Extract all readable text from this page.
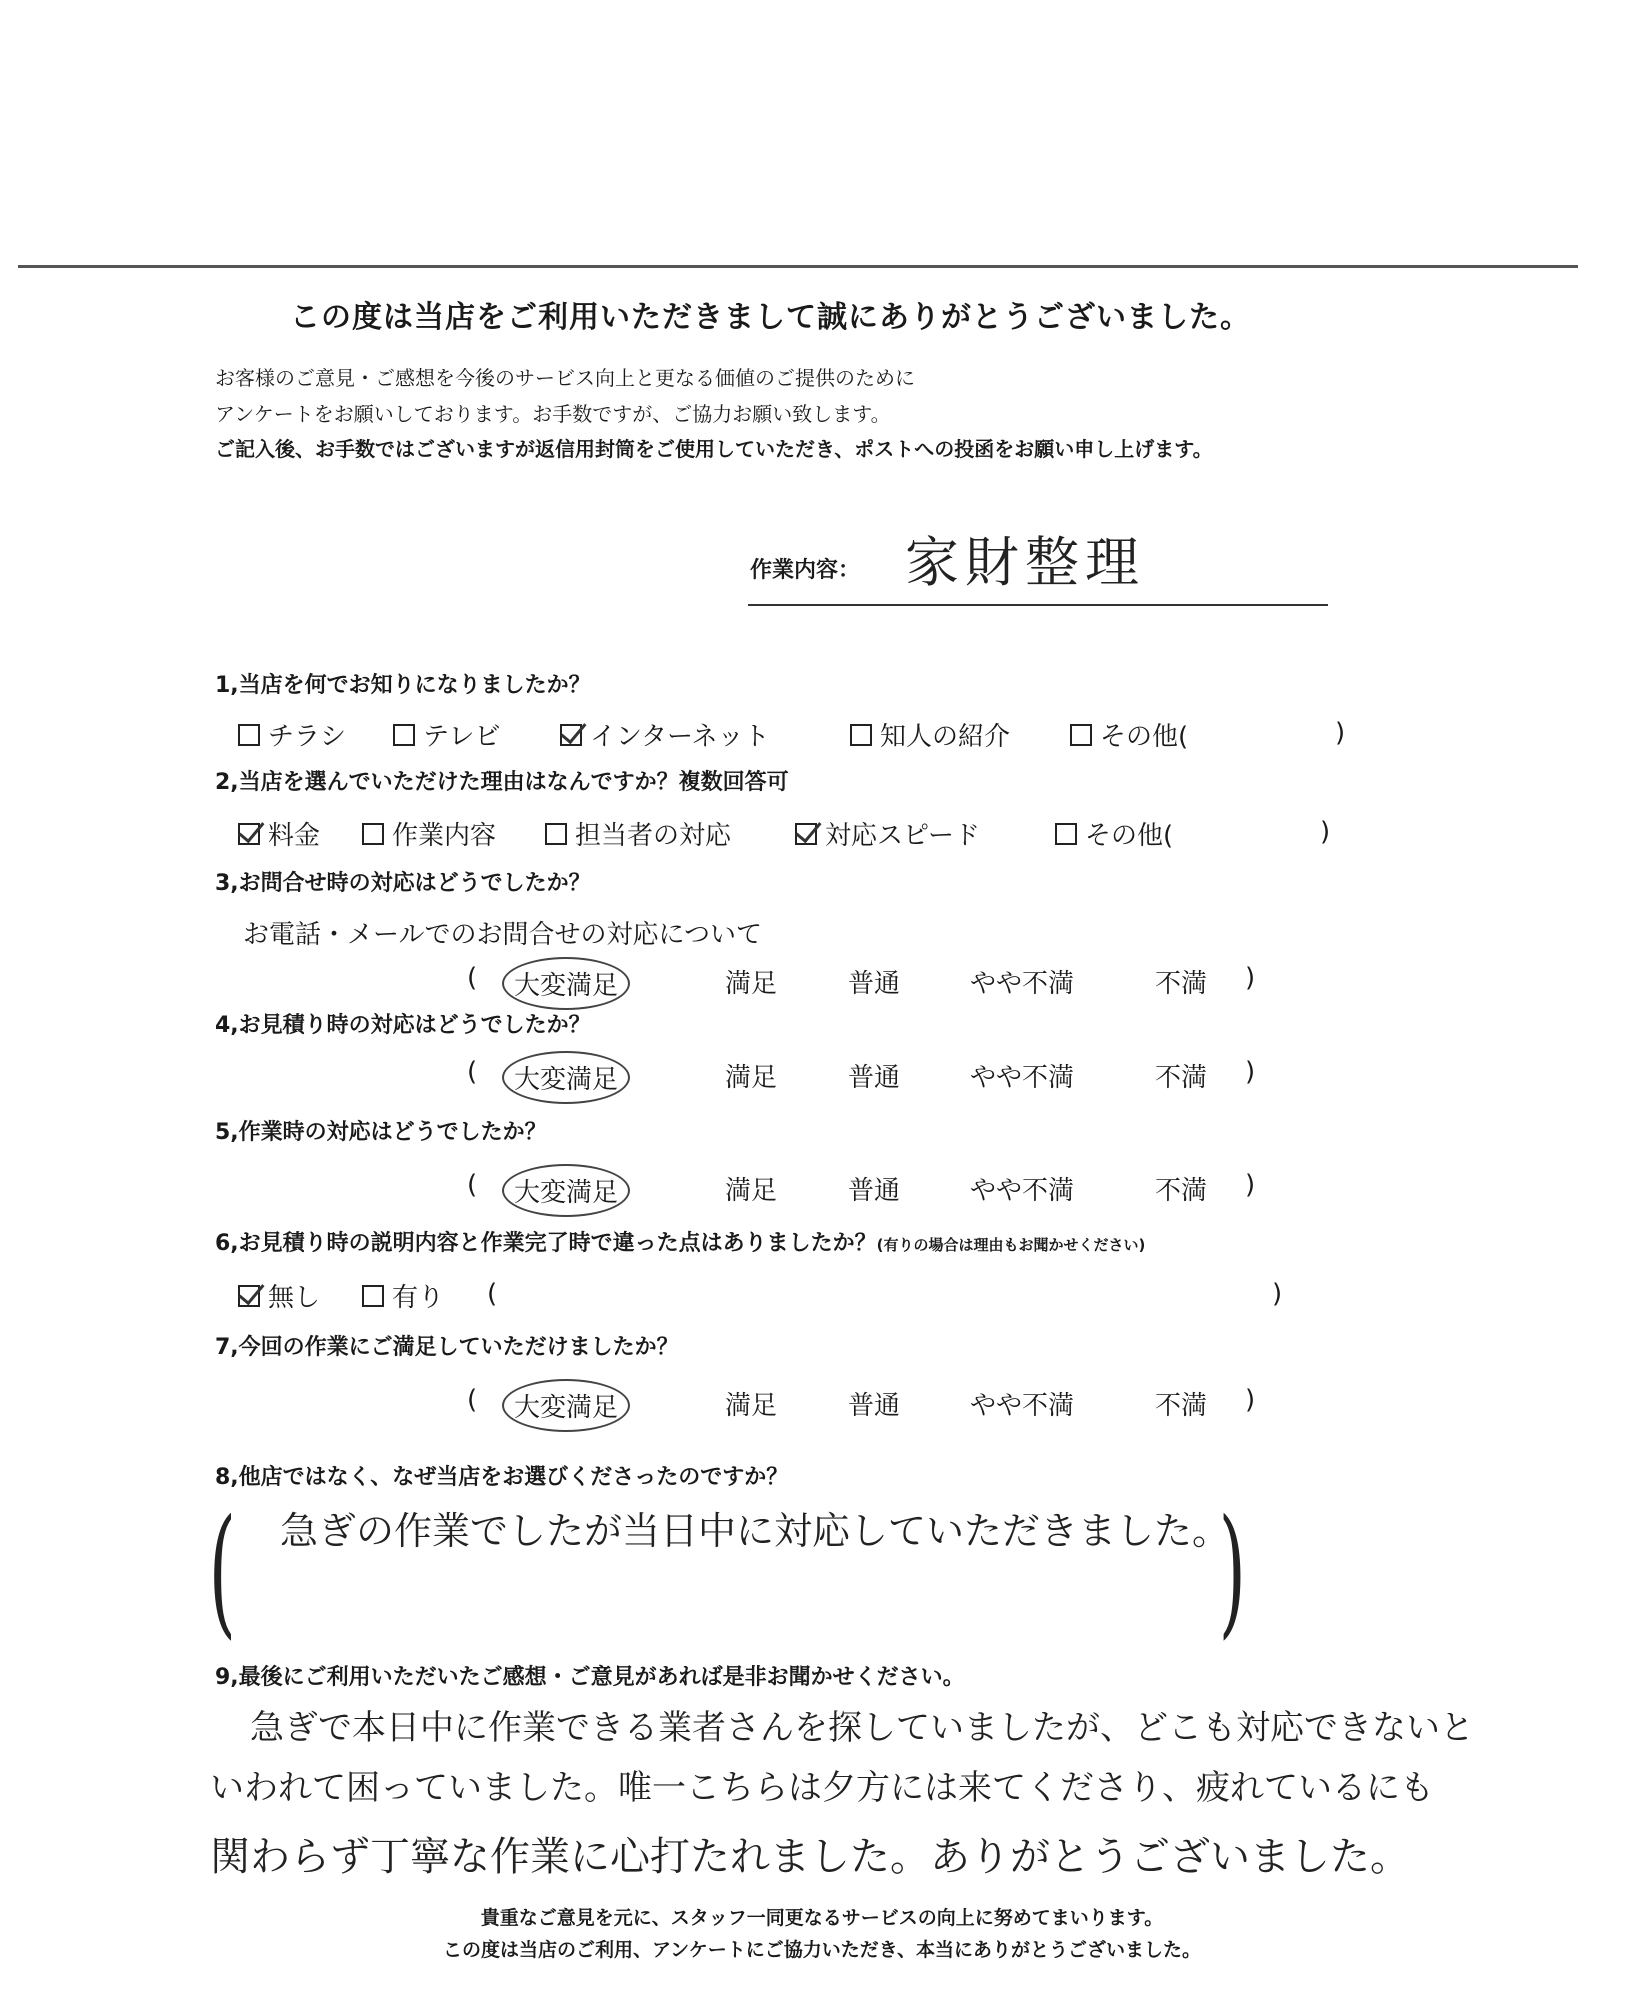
この度は当店をご利用いただきまして誠にありがとうございました。
お客様のご意見・ご感想を今後のサービス向上と更なる価値のご提供のために
アンケートをお願いしております。お手数ですが、ご協力お願い致します。
ご記入後、お手数ではございますが返信用封筒をご使用していただき、ポストへの投函をお願い申し上げます。
作業内容： 家財整理
1,当店を何でお知りになりましたか？
チラシ	テレビ	インターネット	知人の紹介	その他(	)
2,当店を選んでいただけた理由はなんですか？複数回答可
料金	作業内容	担当者の対応	対応スピード	その他(	)
3,お問合せ時の対応はどうでしたか？
お電話・メールでのお問合せの対応について
(	大変満足	満足	普通	やや不満	不満 )
4,お見積り時の対応はどうでしたか？
(	大変満足	満足	普通	やや不満	不満 )
5,作業時の対応はどうでしたか？
(	大変満足	満足	普通	やや不満	不満 )
6,お見積り時の説明内容と作業完了時で違った点はありましたか？(有りの場合は理由もお聞かせください)
無し	有り (	)
7,今回の作業にご満足していただけましたか？
(	大変満足	満足	普通	やや不満	不満 )
8,他店ではなく、なぜ当店をお選びくださったのですか？
(	)
急ぎの作業でしたが当日中に対応していただきました。
9,最後にご利用いただいたご感想・ご意見があれば是非お聞かせください。
急ぎで本日中に作業できる業者さんを探していましたが、どこも対応できないと
いわれて困っていました。唯一こちらは夕方には来てくださり、疲れているにも
関わらず丁寧な作業に心打たれました。ありがとうございました。
貴重なご意見を元に、スタッフ一同更なるサービスの向上に努めてまいります。
この度は当店のご利用、アンケートにご協力いただき、本当にありがとうございました。
